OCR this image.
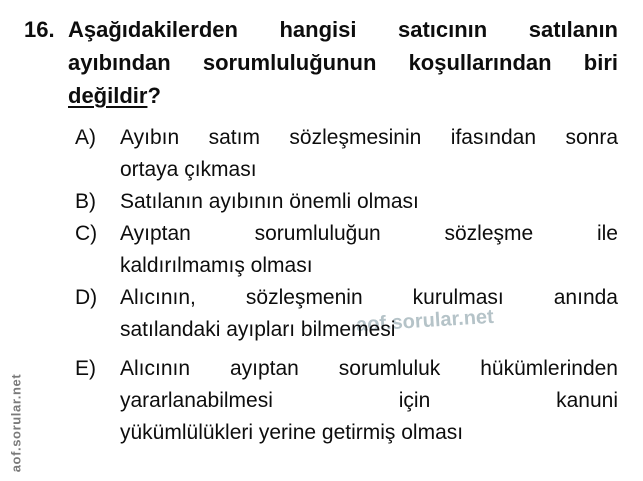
aof.sorular.net
aof.sorular.net
16. Aşağıdakilerden hangisi satıcının satılanın
ayıbından sorumluluğunun koşullarından biri
değildir?
A)	Ayıbın satım sözleşmesinin ifasından sonra
ortaya çıkması
B)	Satılanın ayıbının önemli olması
C)	Ayıptan sorumluluğun sözleşme ile
kaldırılmamış olması
D)	Alıcının, sözleşmenin kurulması anında
satılandaki ayıpları bilmemesi
E)	Alıcının ayıptan sorumluluk hükümlerinden
yararlanabilmesi için kanuni
yükümlülükleri yerine getirmiş olması
